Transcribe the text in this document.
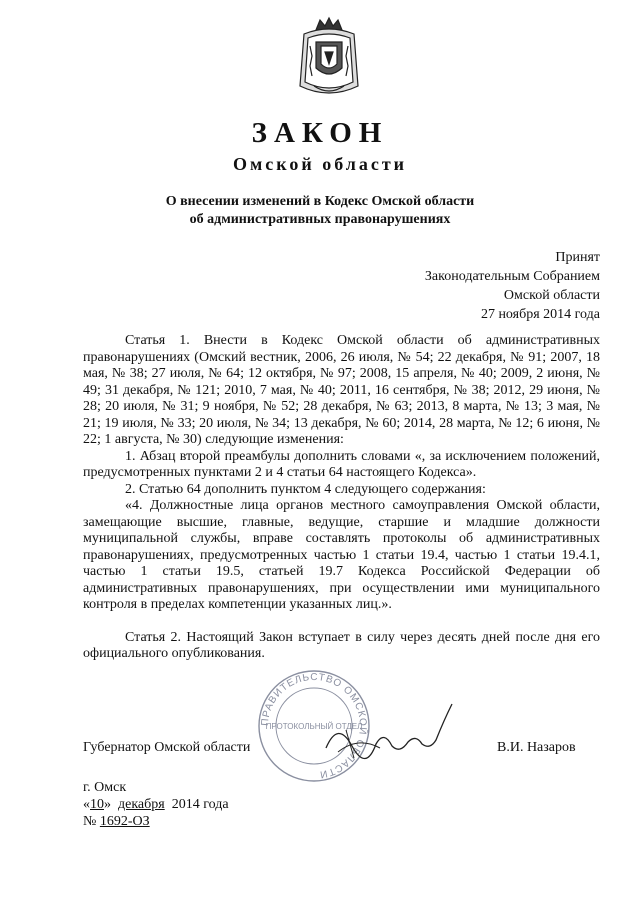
ЗАКОН
Омской области
О внесении изменений в Кодекс Омской области
об административных правонарушениях
Принят
Законодательным Собранием
Омской области
27 ноября 2014 года

Статья 1. Внести в Кодекс Омской области об административных правонарушениях (Омский вестник, 2006, 26 июля, № 54; 22 декабря, № 91; 2007, 18 мая, № 38; 27 июля, № 64; 12 октября, № 97; 2008, 15 апреля, № 40; 2009, 2 июня, № 49; 31 декабря, № 121; 2010, 7 мая, № 40; 2011, 16 сентября, № 38; 2012, 29 июня, № 28; 20 июля, № 31; 9 ноября, № 52; 28 декабря, № 63; 2013, 8 марта, № 13; 3 мая, № 21; 19 июля, № 33; 20 июля, № 34; 13 декабря, № 60; 2014, 28 марта, № 12; 6 июня, № 22; 1 августа, № 30) следующие изменения:

1. Абзац второй преамбулы дополнить словами «, за исключением положений, предусмотренных пунктами 2 и 4 статьи 64 настоящего Кодекса».

2. Статью 64 дополнить пунктом 4 следующего содержания:

«4. Должностные лица органов местного самоуправления Омской области, замещающие высшие, главные, ведущие, старшие и младшие должности муниципальной службы, вправе составлять протоколы об административных правонарушениях, предусмотренных частью 1 статьи 19.4, частью 1 статьи 19.4.1, частью 1 статьи 19.5, статьей 19.7 Кодекса Российской Федерации об административных правонарушениях, при осуществлении ими муниципального контроля в пределах компетенции указанных лиц.».

Статья 2. Настоящий Закон вступает в силу через десять дней после дня его официального опубликования.

ПРАВИТЕЛЬСТВО ОМСКОЙ ОБЛАСТИ
ПРОТОКОЛЬНЫЙ ОТДЕЛ
Губернатор Омской области	В.И. Назаров
г. Омск
«10»  декабря 2014 года
№ 1692-ОЗ
